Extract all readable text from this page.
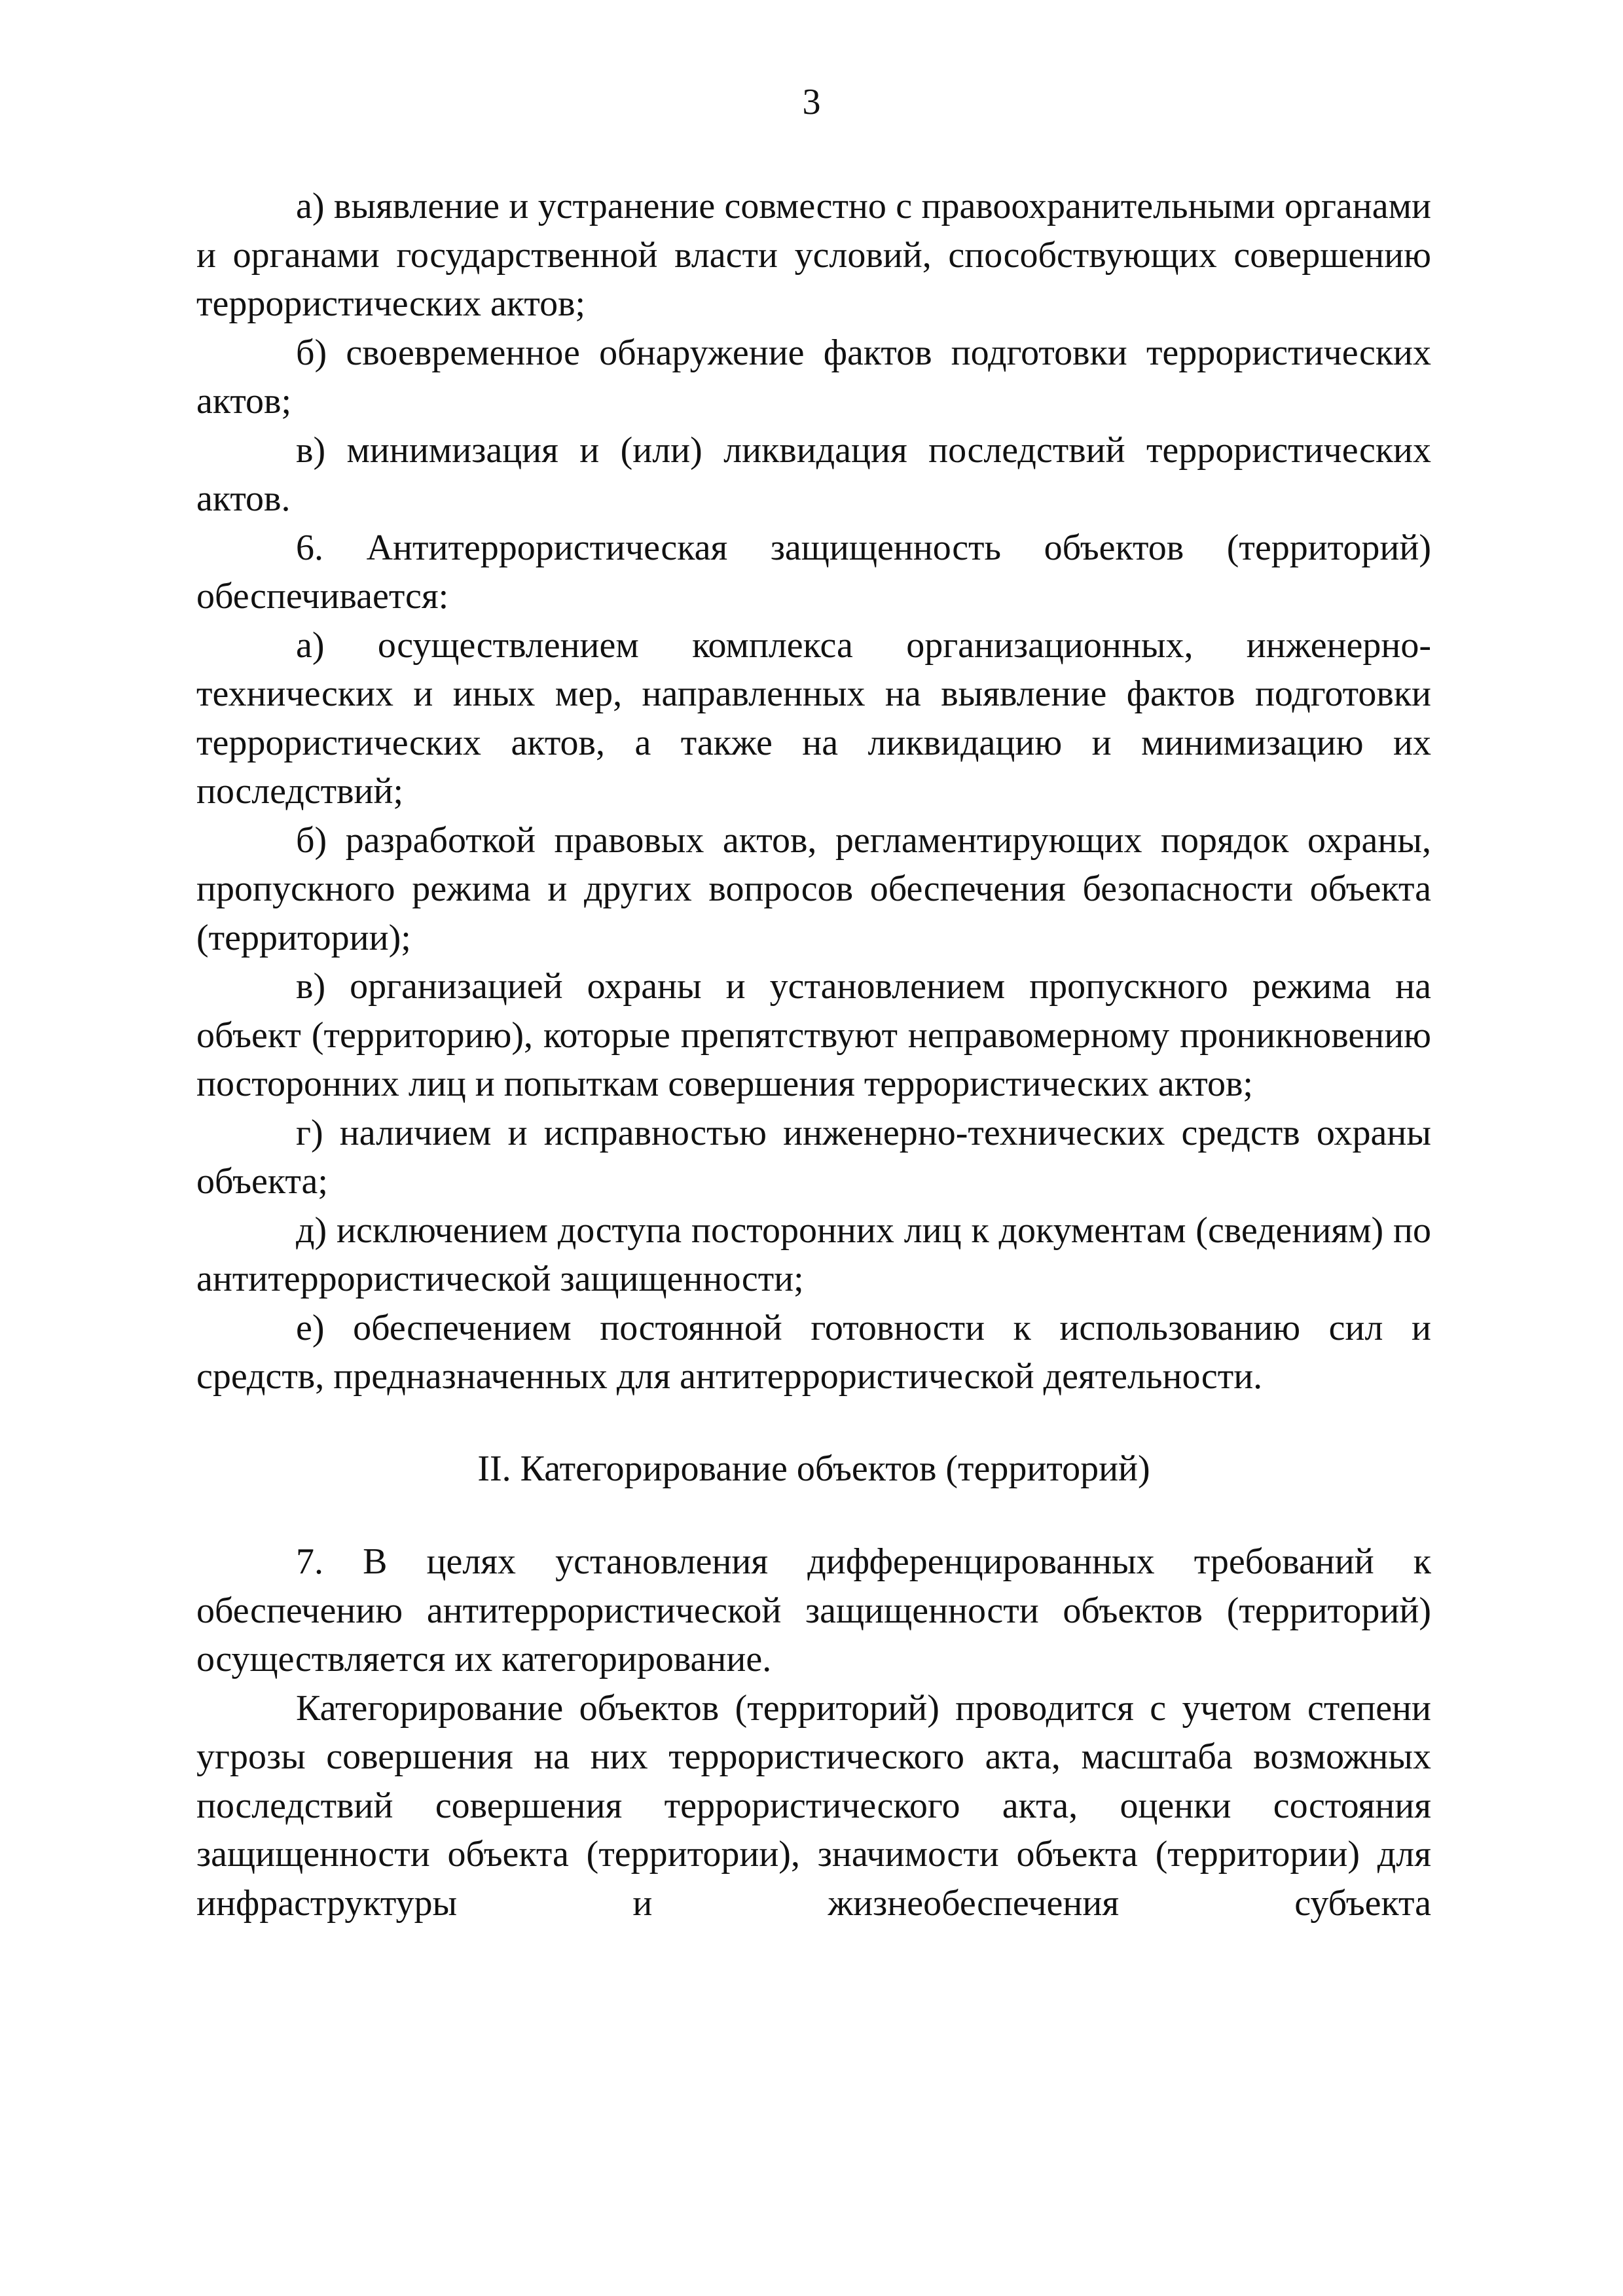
3

а) выявление и устранение совместно с правоохранительными органами и органами государственной власти условий, способствующих совершению террористических актов;

б) своевременное обнаружение фактов подготовки террористических актов;

в) минимизация и (или) ликвидация последствий террористических актов.

6. Антитеррористическая защищенность объектов (территорий) обеспечивается:

а) осуществлением комплекса организационных, инженерно-технических и иных мер, направленных на выявление фактов подготовки террористических актов, а также на ликвидацию и минимизацию их последствий;

б) разработкой правовых актов, регламентирующих порядок охраны, пропускного режима и других вопросов обеспечения безопасности объекта (территории);

в) организацией охраны и установлением пропускного режима на объект (территорию), которые препятствуют неправомерному проникновению посторонних лиц и попыткам совершения террористических актов;

г) наличием и исправностью инженерно-технических средств охраны объекта;

д) исключением доступа посторонних лиц к документам (сведениям) по антитеррористической защищенности;

е) обеспечением постоянной готовности к использованию сил и средств, предназначенных для антитеррористической деятельности.

II. Категорирование объектов (территорий)

7. В целях установления дифференцированных требований к обеспечению антитеррористической защищенности объектов (территорий) осуществляется их категорирование.

Категорирование объектов (территорий) проводится с учетом степени угрозы совершения на них террористического акта, масштаба возможных последствий совершения террористического акта, оценки состояния защищенности объекта (территории), значимости объекта (территории) для инфраструктуры и жизнеобеспечения субъекта
